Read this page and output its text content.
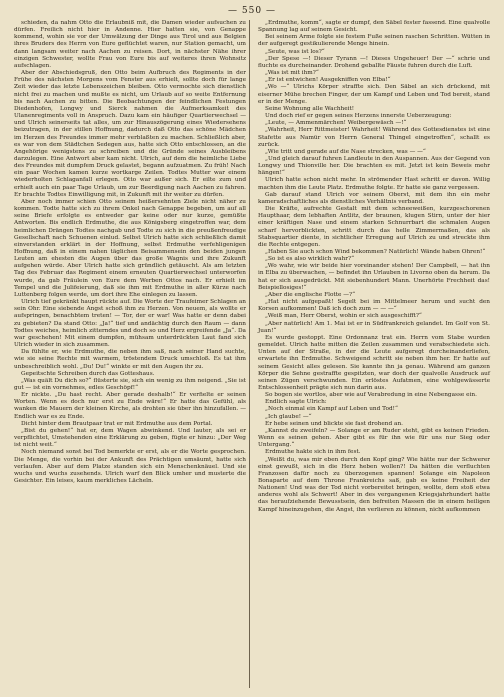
— 550 —

schieden, da nahm Otto die Erlaubniß mit, die Damen wieder aufsuchen zu dürfen. Freilich nicht hier in Andenne. Hier hatten sie, von Genappe kommend, wohin sie vor der Umwälzung der Dinge aus Tirol und aus Belgien ihres Bruders des Herrn von Eure geflüchtet waren, nur Station gemacht, um dann langsam weiter nach Aachen zu reisen. Dort, in nächster Nähe ihrer einzigen Schwester, wollte Frau von Eure bis auf weiteres ihren Wohnsitz aufschlagen.

Aber der Abschiedsgruß, den Otto beim Aufbruch des Regiments in der Frühe des nächsten Morgens vom Fenster aus erhielt, sollte doch für lange Zeit wieder das letzte Lebenszeichen bleiben. Otto vermochte sich dienstlich nicht frei zu machen und mußte es nicht, um Urlaub auf so weite Entfernung bis nach Aachen zu bitten. Die Beobachtungen der feindlichen Festungen Diedenhofen, Longwy und Sierck nahmen die Aufmerksamkeit des Ulanenregiments voll in Anspruch. Dazu kam ein häufiger Quartierwechsel — und Ulrich seinerseits tat alles, um zur Hinauszögerung eines Wiedersehens beizutragen, in der stillen Hoffnung, dadurch daß Otto das schöne Mädchen im Herzen des Freundes immer mehr verblaßten zu machen. Schließlich aber, es war von dem Städtchen Sedegen aus, hatte sich Otto entschlossen, an die Angehörige wenigstens zu schreiben und die Gründe seines Ausbleibens darzulegen. Eine Antwort aber kam nicht. Ulrich, auf dem die heimliche Liebe des Freundes mit dumpfem Druck gelastet, begann aufzuatmen. Zu früh! Nach ein paar Wochen kamen kurze wortkarge Zeilen. Todtes Mutter war einem wiederholten Schlaganfall erlegen. Otto war außer sich. Er eilte zum und erhielt auch ein paar Tage Urlaub, um zur Beerdigung nach Aachen zu fahren. Er brachte Todtes Einwilligung mit, in Zukunft mit ihr weiter zu dürfen.

Aber noch immer schien Otto seinem heißersehnten Ziele nicht näher zu kommen. Todte hatte sich zu ihrem Onkel nach Genappe begeben, um auf all seine Briefe erfolgte es entweder gar keine oder nur kurze, gemüßte Antworten. Bis endlich Erdmuthe, die aus Königsberg eingetroffen war, dem heimlichen Drängen Todtes nachgab und Todte zu sich in die preußenfreudige Gesellschaft nach Schuenen einlud. Selbst Ulrich hatte sich schließlich damit einverstanden erklärt in der Hoffnung, selbst Erdmuthe verfehligenigen Hoffnung, daß in einem nahen täglichen Beisammensein den beiden jungen Leuten am ehesten die Augen über das große Wagnis und ihre Zukunft aufgehen würde. Aber Ulrich hatte sich gründlich getäuscht. Als am letzten Tag des Februar das Regiment einem erneuten Quartierwechsel unterworfen wurde, da gab Fräulein von Eure dem Werben Ottos nach. Er erhielt im Tempel und die Julifeierung, daß sie ihm mit Erdmuthe in aller Kürze nach Luttenberg folgen werde, um dort ihre Ehe einlegen zu lassen.

Ulrich tief gekränkt haupt rückte auf. Die Worte der Traufeimer Schlagen an sein Ohr. Eine siebende Angst schoß ihm zu Herzen. Von neuem, als wollte er aufspringen, benachbtem treten! — Tor, der er war! Was hatte er denn dabei zu gebieten? Da stand Otto: „Ja!“ tief und andächtig durch den Raum — dann Todtes weiches, heimlich zitterndes und doch so und Herz ergreifende „Ja“. Da war geschehen! Mit einem dumpfen, mühsam unterdrückten Laut fand sich Ulrich wieder in sich zusammen.

Da fühlte er, wie Erdmuthe, die neben ihm saß, nach seiner Hand suchte, wie sie seine Rechte mit warmem, tröstendem Druck umschloß. Es tat ihm unbeschreiblich wohl. „Du! Du!“ winkte er mit den Augen ihr zu.

Gepeitschte Schreiben durch das Gotteshaus.

„Was quält Du dich so?“ flüsterte sie, sich ein wenig zu ihm neigend. „Sie ist gut — ist ein vornehmes, edles Geschöpf!“

Er nickte. „Du hast recht. Aber gerade deshalb!“ Er verfielte er seinen Worten. Wenn es doch nur erst zu Ende wäre!“ Er hatte das Gefühl, als wanken die Mauern der kleinen Kirche, als drohten sie über ihn hinzufallen. — Endlich war es zu Ende.

Dicht hinter dem Brautpaar trat er mit Erdmuthe aus dem Portal.

„Bist du gehen!“ hat er, dem Wagen abwinkend. Und lauter, als sei er verpflichtet, Umstehenden eine Erklärung zu geben, fügte er hinzu: „Der Weg ist nicht weit.“

Noch niemand sonst bei Tod bemerkte er erst, als er die Worte gesprochen. Die Menge, die vorhin bei der Ankunft des Prächtigen umsäumt, hatte sich verlaufen. Aber auf dem Platze standen sich ein Menschenknäuel. Und sie wuchs und wuchs zusehends. Ulrich warf den Blick umher und musterte die Gesichter. Ein leises, kaum merkliches Lächeln.

„Erdmuthe, komm“, sagte er dumpf, den Säbel fester fassend. Eine qualvolle Spannung lag auf seinem Gesicht.

Bei seinem Arme folgte sie festem Fuße seinen raschen Schritten. Wütten in der aufgeregt gestikulierende Menge hinein.

„Seute, was ist los?“

„Der Spese —! Dieser Tyrann —! Dieses Ungeheuer! Der —“ schrie und fluchte es durcheinander. Drohend geballte Fäuste fuhren durch die Luft.

„Was ist mit ihm?“

„Er ist entwichen! Ausgekniffen von Elba!“

„Wo —“ Ulrichs Körper straffte sich. Den Säbel an sich drückend, mit eiserner Mühe brechen Finger, der um Kampf und Leben und Tod bereit, stand er in der Menge.

Seine Wohnung alle Wachheit!

Und doch rief er gegen seines Herzens innerste Ueberzeugung:

„Leute, — Ammenmärchen! Weibergewäsch —!“

„Wahrheit, Herr Rittmeister! Wahrheit! Während des Gottesdienstes ist eine Stafette aus Namür von Herrn General Thingel eingetroffen“, schallt es zurück.

„Wie tritt und gerade auf die Nase strecken, was — —“

„Und gleich darauf fuhren Landleute in den Auspannen. Aus der Gegend von Longwy und Thionville her. Die brachten es mit. Jetzt ist kein Beweis mehr hängen!“

Ulrich hatte schon nicht mehr. In strömender Hast schritt er davon. Willig machten ihm die Leute Platz. Erdmuthe folgte. Er hatte sie ganz vergessen.

Gab darauf stand Ulrich vor seinem Oberst, mit dem ihn ein mehr kameradschaftliches als dienstliches Verhältnis verband.

Die Kräfte, aufrechte Gestalt mit dem schneeweißen, kurzgeschorenen Haupthaar, dem lebhaften Antlitz, der braunen, klugen Stirn, unter der hier einer kräftigen Nase und einem starken Schnurrbart die schmalen Augen scharf hervorblickten, schritt durch das helle Zimmermaßen, das als Stabsquartier diente, in sichtlicher Erregung auf Ulrich zu und streckte ihm die Rechte entgegen.

„Haben Sie auch schon Wind bekommen? Natürlich! Wände haben Ohren!“

„So ist es also wirklich wahr?“

„Wo wahr, wie wir beide hier voreinander stehen! Der Campbell, — hat ihn in Elba zu überwachen, — befindet ihn Urlauben in Livorno oben da herum. Da hat er sich ausgedrückt. Mit siebenhundert Mann. Unerhörte Frechheit das! Beispiellosiges!“

„Aber die englische Flotte —?“

„Hat nicht aufgepaßt! Segelt bei im Mittelmeer herum und sucht den Korsen aufkommen! Daß ich doch zum — — —“

„Weiß man, Herr Oberst, wohin er sich ausgeschifft?“

„Aber natürlich! Am 1. Mai ist er in Südfrankreich gelandet. Im Golf von St. Juan!“

Es wurde gestoppt. Eine Ordonnanz trat ein. Herrn vom Stabe wurden gemeldet. Ulrich hatte mitten die Zeilen zusammen und verabschiedete sich. Unten auf der Straße, in der die Leute aufgeregt durcheinanderliefen, erwartete ihn Erdmuthe. Schweigend schritt sie neben ihm her. Er hatte auf seinem Gesicht alles gelesen. Sie kannte ihn ja genau. Während am ganzen Körper die Sehne gestraffte gespitzten, war doch der qualvolle Ausdruck auf seinen Zügen verschwunden. Ein erlöstes Aufatmen, eine wohlgewässerte Entschlossenheit prägte sich nun darin aus.

So bogen sie wortlos, aber wie auf Verabredung in eine Nebengasse ein.

Endlich sagte Ulrich:

„Noch einmal ein Kampf auf Leben und Tod!“

„Ich glaube! —“

Er hebe seinen und blickte sie fast drohend an.

„Kannst du zweifeln? — Solange er am Ruder steht, gibt es keinen Frieden. Wenn es seinen gehen. Aber gibt es für ihn wie für uns nur Sieg oder Untergang.“

Erdmuthe hakte sich in ihm fest.

„Weißt du, was mir eben durch den Kopf ging? Wie hätte nur der Schwerer einst gewußt, sich in die Herz heben wollen?! Da hätten die verfluchten Franzosen dafür noch zu überzogenen spannen! Solange ein Napoleon Bonaparte auf dem Throne Frankreichs saß, gab es keine Freiheit der Nationen! Und was der Tod nicht vorbereitet bringen, wollte, dem stoß etwa anderes wohl als Schwert! Aber in des vergangenen Kriegsjahrhundert hatte das heraufziehende Bewusstsein, den befreiten Massen die in einem heiligen Kampf hineinzugehen, die Angst, ihn verlieren zu können, nicht aufkommen
